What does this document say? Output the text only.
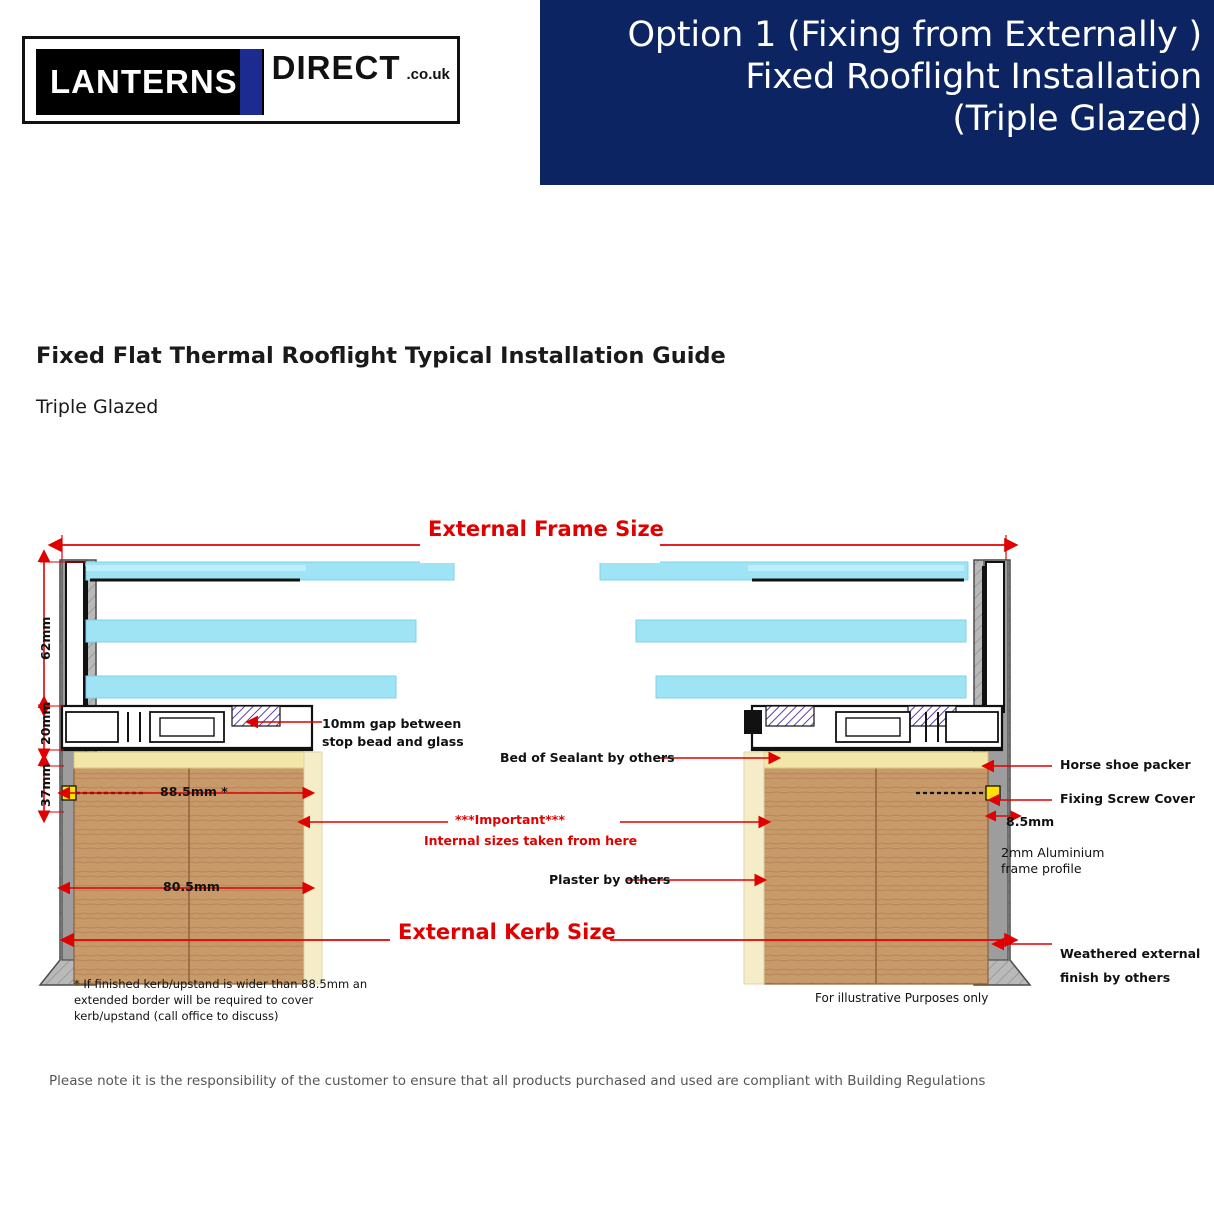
Option 1 (Fixing from Externally )
Fixed Rooflight Installation
(Triple Glazed)
LANTERNS DIRECT .co.uk
Fixed Flat Thermal Rooflight Typical Installation Guide
Triple Glazed
External Frame Size
External Kerb Size
62mm
20mm
37mm	88.5mm *
80.5mm
8.5mm
10mm gap between
stop bead and glass
Bed of Sealant by others
Plaster by others
***Important***
Internal sizes taken from here
Horse shoe packer
Fixing Screw Cover
2mm Aluminium
frame profile
Weathered external
finish by others
* If finished kerb/upstand is wider than 88.5mm an extended border will be required to cover kerb/upstand (call office to discuss)
For illustrative Purposes only
Please note it is the responsibility of the customer to ensure that all products purchased and used are compliant with Building Regulations
